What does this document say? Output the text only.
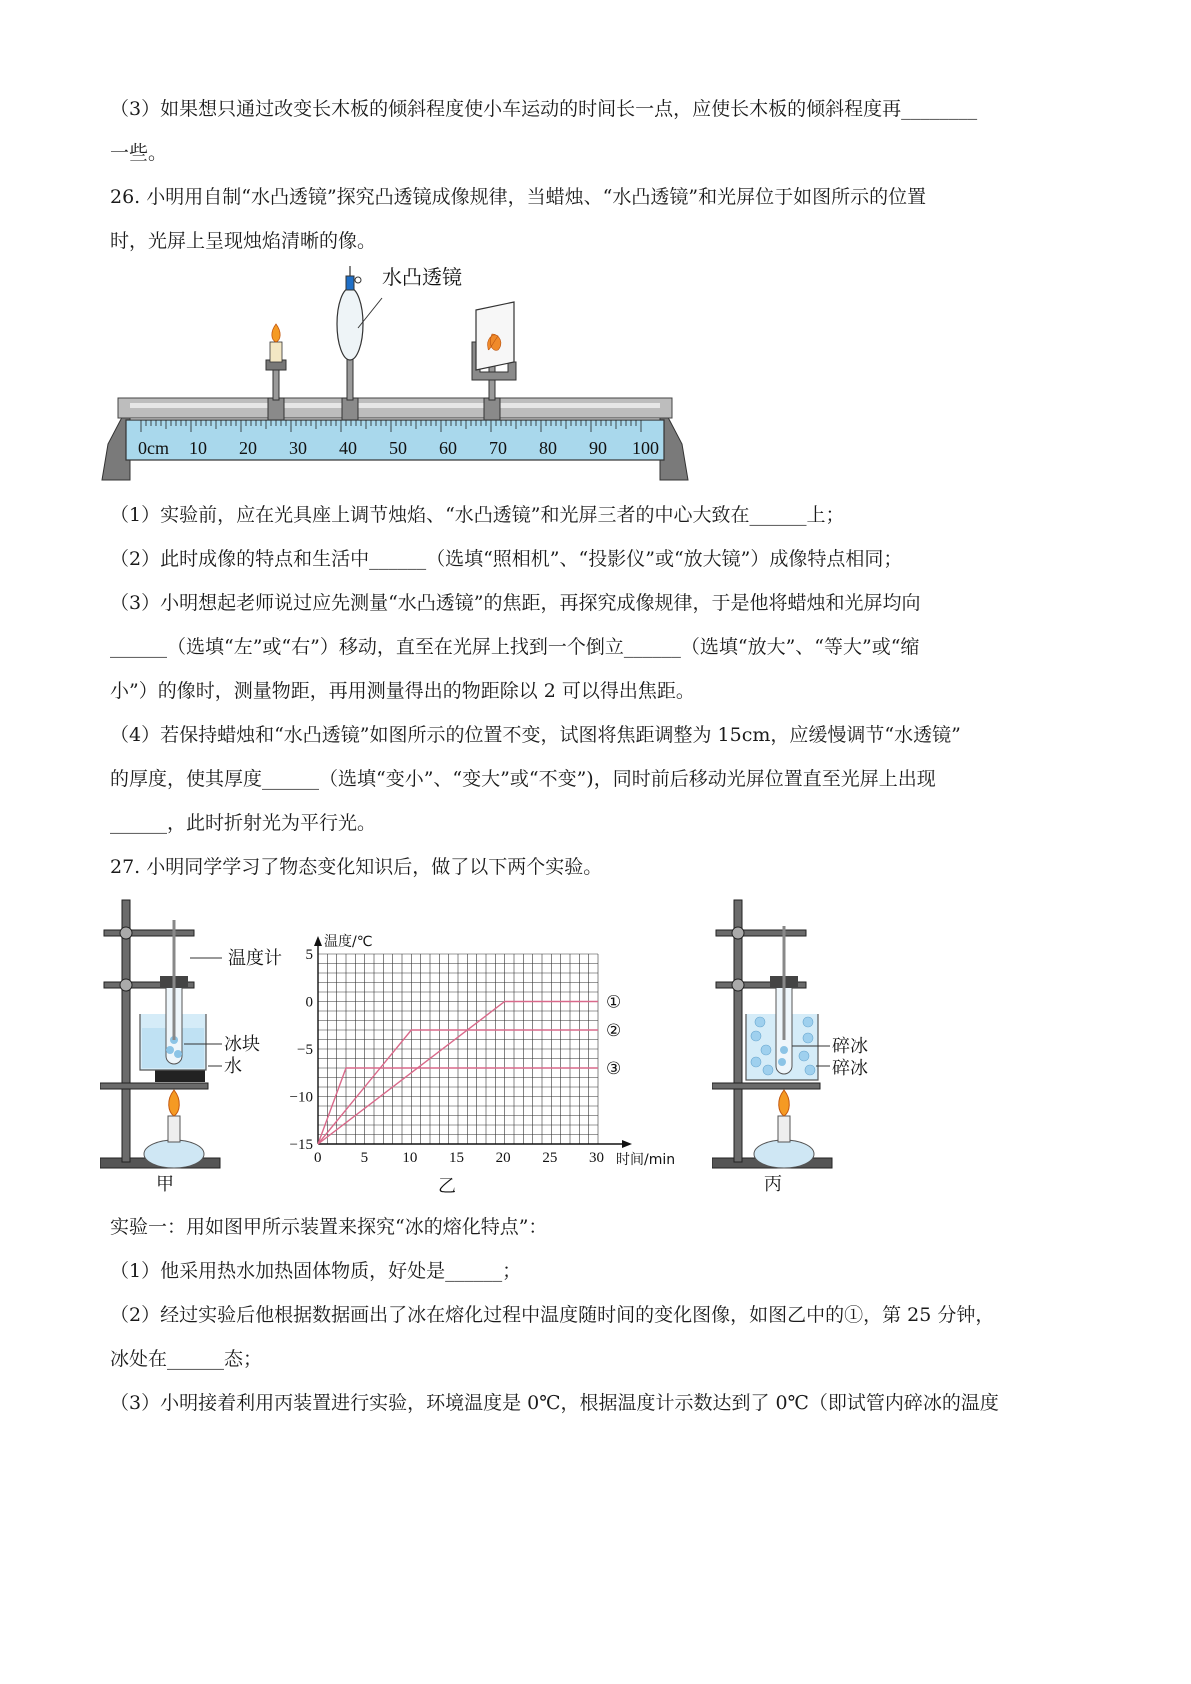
（3）如果想只通过改变长木板的倾斜程度使小车运动的时间长一点，应使长木板的倾斜程度再________
一些。
26. 小明用自制“水凸透镜”探究凸透镜成像规律，当蜡烛、“水凸透镜”和光屏位于如图所示的位置
时，光屏上呈现烛焰清晰的像。
0cm 10 20 30 40 50 60 70 80 90 100
水凸透镜
（1）实验前，应在光具座上调节烛焰、“水凸透镜”和光屏三者的中心大致在______上；
（2）此时成像的特点和生活中______（选填“照相机”、“投影仪”或“放大镜”）成像特点相同；
（3）小明想起老师说过应先测量“水凸透镜”的焦距，再探究成像规律，于是他将蜡烛和光屏均向
______（选填“左”或“右”）移动，直至在光屏上找到一个倒立______（选填“放大”、“等大”或“缩
小”）的像时，测量物距，再用测量得出的物距除以 2 可以得出焦距。
（4）若保持蜡烛和“水凸透镜”如图所示的位置不变，试图将焦距调整为 15cm，应缓慢调节“水透镜”
的厚度，使其厚度______（选填“变小”、“变大”或“不变”)，同时前后移动光屏位置直至光屏上出现
______，此时折射光为平行光。
27. 小明同学学习了物态变化知识后，做了以下两个实验。
温度计
冰块
水
甲
①
②
③
0	5 10 15 20 25 30
5
0
−5
−10
−15
温度/℃
时间/min
乙
碎冰
碎冰
丙
实验一：用如图甲所示装置来探究“冰的熔化特点”：
（1）他采用热水加热固体物质，好处是______；
（2）经过实验后他根据数据画出了冰在熔化过程中温度随时间的变化图像，如图乙中的①，第 25 分钟，
冰处在______态；
（3）小明接着利用丙装置进行实验，环境温度是 0℃，根据温度计示数达到了 0℃（即试管内碎冰的温度
